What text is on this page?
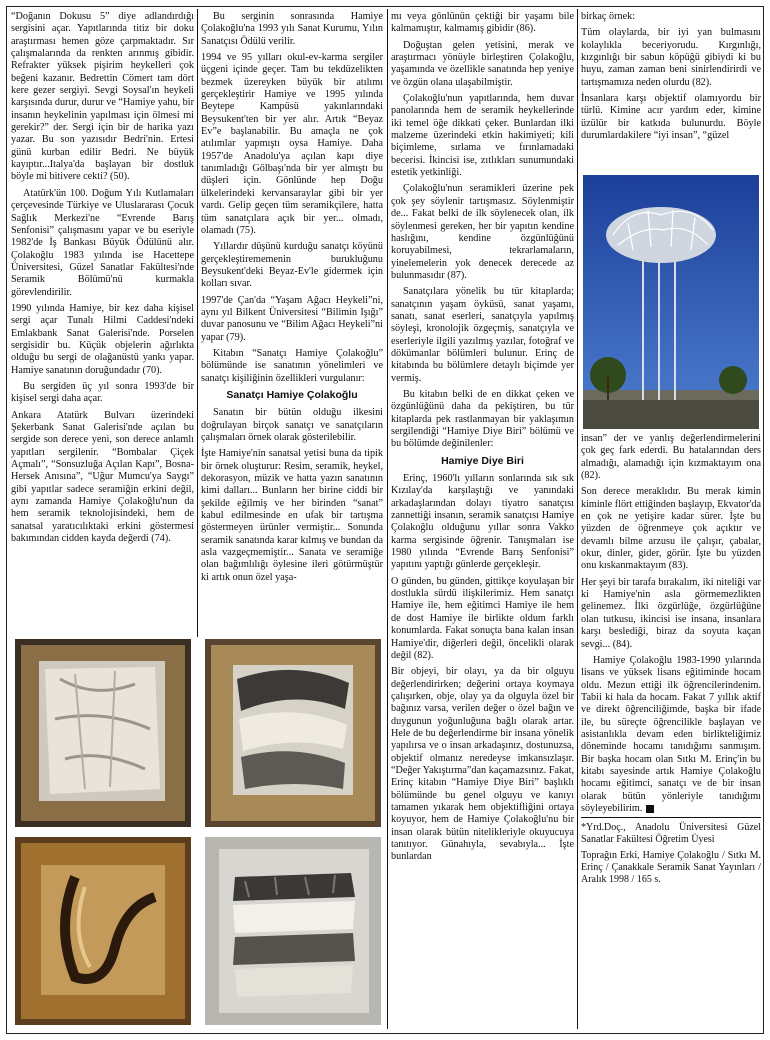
“Doğanın Dokusu 5” diye adlandırdığı sergisini açar. Yapıtlarında titiz bir doku araştırması hemen göze çarpmaktadır. Sır çalışmalarında da renkten arınmış gibidir. Refrakter yüksek pişirim heykelleri çok beğeni kazanır. Bedrettin Cömert tam dört kere gezer sergiyi. Sevgi Soysal'ın heykeli karşısında durur, durur ve “Hamiye yahu, bir insanın heykelinin yapılması için ölmesi mi gerekir?” der. Sergi için bir de harika yazı yazar. Bu son yazısıdır Bedri'nin. Ertesi günü kurban edilir Bedri. Ne büyük kayıptır...Italya'da başlayan bir dostluk böyle mi bitivere cekti? (50).

Atatürk'ün 100. Doğum Yılı Kutlamaları çerçevesinde Türkiye ve Uluslararası Çocuk Sağlık Merkezi'ne “Evrende Barış Senfonisi” çalışmasını yapar ve bu eseriyle 1982'de İş Bankası Büyük Ödülünü alır. Çolakoğlu 1983 yılında ise Hacettepe Üniversitesi, Güzel Sanatlar Fakültesi'nde Seramik Bölümü'nü kurmakla görevlendirilir.

1990 yılında Hamiye, bir kez daha kişisel sergi açar Tunalı Hilmi Caddesi'ndeki Emlakbank Sanat Galerisi'nde. Porselen sergisidir bu. Küçük objelerin ağırlıkta olduğu bu sergi de olağanüstü yankı yapar. Hamiye sanatının doruğundadır (70).

Bu sergiden üç yıl sonra 1993'de bir kişisel sergi daha açar.

Ankara Atatürk Bulvarı üzerindeki Şekerbank Sanat Galerisi'nde açılan bu sergide son derece yeni, son derece anlamlı yapıtları sergilenir. “Bombalar Çiçek Açmalı”, “Sonsuzluğa Açılan Kapı”, Bosna-Hersek Anısına”, “Uğur Mumcu'ya Saygı” gibi yapıtlar sadece seramiğin erkini değil, aynı zamanda Hamiye Çolakoğlu'nun da hem seramik teknolojisindeki, hem de sanatsal yaratıcılıktaki erkini göstermesi bakımından cidden kayda değerdi (74).

Bu serginin sonrasında Hamiye Çolakoğlu'na 1993 yılı Sanat Kurumu, Yılın Sanatçısı Ödülü verilir.

1994 ve 95 yılları okul-ev-karma sergiler üçgeni içinde geçer. Tam bu tekdüzelikten bezmek üzereyken büyük bir atılımı gerçekleştirir Hamiye ve 1995 yılında Beytepe Kampüsü yakınlarındaki Beysukent'ten bir yer alır. Artık “Beyaz Ev”e başlanabilir. Bu amaçla ne çok atılımlar yapmıştı oysa Hamiye. Daha 1957'de Anadolu'ya açılan kapı diye tanımladığı Gölbaşı'nda bir yer almıştı bu düşleri için. Gönlünde hep Doğu ülkelerindeki kervansaraylar gibi bir yer vardı. Gelip geçen tüm seramikçilere, hatta tüm sanatçılara açık bir yer... olmadı, olamadı (75).

Yıllardır düşünü kurduğu sanatçı köyünü gerçekleştirememenin burukluğunu Beysukent'deki Beyaz-Ev'le gidermek için kolları sıvar.

1997'de Çan'da “Yaşam Ağacı Heykeli”ni, aynı yıl Bilkent Üniversitesi “Bilimin Işığı” duvar panosunu ve “Bilim Ağacı Heykeli”ni yapar (79).

Kitabın “Sanatçı Hamiye Çolakoğlu” bölümünde ise sanatının yönelimleri ve sanatçı kişiliğinin özellikleri vurgulanır:

Sanatçı Hamiye Çolakoğlu

Sanatın bir bütün olduğu ilkesini doğrulayan birçok sanatçı ve sanatçıların çalışmaları örnek olarak gösterilebilir.

İşte Hamiye'nin sanatsal yetisi buna da tipik bir örnek oluşturur: Resim, seramik, heykel, dekorasyon, müzik ve hatta yazın sanatının kimi dalları... Bunların her birine ciddi bir şekilde eğilmiş ve her birinden “sanat” kabul edilmesinde en ufak bir tartışma göstermeyen ürünler vermiştir... Sonunda seramik sanatında karar kılmış ve bundan da asla vazgeçmemiştir... Sanata ve seramiğe olan bağımlılığı öylesine ileri götürmüştür ki artık onun özel yaşa-

mı veya gönlünün çektiği bir yaşamı bile kalmamıştır, kalmamış gibidir (86).

Doğuştan gelen yetisini, merak ve araştırmacı yönüyle birleştiren Çolakoğlu, yaşamında ve özellikle sanatında hep yeniye ve özgün olana ulaşabilmiştir.

Çolakoğlu'nun yapıtlarında, hem duvar panolarında hem de seramik heykellerinde iki temel öğe dikkati çeker. Bunlardan ilki malzeme üzerindeki etkin hakimiyeti; kili biçimleme, sırlama ve fırınlamadaki becerisi. İkincisi ise, zıtlıkları sunumundaki estetik yetkinliği.

Çolakoğlu'nun seramikleri üzerine pek çok şey söylenir tartışmasız. Söylenmiştir de... Fakat belki de ilk söylenecek olan, ilk söylenmesi gereken, her bir yapıtın kendine haslığını, kendine özgünlüğünü koruyabilmesi, tekrarlamaların, yinelemelerin yok denecek derecede az bulunmasıdır (87).

Sanatçılara yönelik bu tür kitaplarda; sanatçının yaşam öyküsü, sanat yaşamı, sanatı, sanat eserleri, sanatçıyla yapılmış söyleşi, kronolojik özgeçmiş, sanatçıyla ve eserleriyle ilgili yazılmış yazılar, fotoğraf ve dökümanlar bölümleri bulunur. Erinç de kitabında bu bölümlere detaylı biçimde yer vermiş.

Bu kitabın belki de en dikkat çeken ve özgünlüğünü daha da pekiştiren, bu tür kitaplarda pek rastlanmayan bir yaklaşımın sergilendiği “Hamiye Diye Biri” bölümü ve bu bölümde değinilenler:

Hamiye Diye Biri

Erinç, 1960'lı yılların sonlarında sık sık Kızılay'da karşılaştığı ve yanındaki arkadaşlarından dolayı tiyatro sanatçısı zannettiği insanın, seramik sanatçısı Hamiye Çolakoğlu olduğunu yıllar sonra Vakko karma sergisinde öğrenir. Tanışmaları ise 1980 yılında “Evrende Barış Senfonisi” yapıtını yaptığı günlerde gerçekleşir.

O günden, bu günden, gittikçe koyulaşan bir dostlukla sürdü ilişkilerimiz. Hem sanatçı Hamiye ile, hem eğitimci Hamiye ile hem de dost Hamiye ile birlikte oldum farklı konumlarda. Fakat sonuçta bana kalan insan Hamiye'dir, diğerleri değil, öncelikli olarak değil (82).

Bir objeyi, bir olayı, ya da bir olguyu değerlendirirken; değerini ortaya koymaya çalışırken, obje, olay ya da olguyla özel bir bağınız varsa, verilen değer o özel bağın ve duygunun yoğunluğuna bağlı olarak artar. Hele de bu değerlendirme bir insana yönelik yapılırsa ve o insan arkadaşınız, dostunuzsa, objektif olmanız neredeyse imkansızlaşır. “Değer Yakıştırma”dan kaçamazsınız. Fakat, Erinç kitabın “Hamiye Diye Biri” başlıklı bölümünde bu genel olguyu ve kanıyı tamamen yıkarak hem objektifliğini ortaya koyuyor, hem de Hamiye Çolakoğlu'nu bir insan olarak bütün nitelikleriyle okuyucuya tanıtıyor. Günahıyla, sevabıyla... İşte bunlardan

birkaç örnek:

Tüm olaylarda, bir iyi yan bulmasını kolaylıkla beceriyorudu. Kırgınlığı, kızgınlığı bir sabun köpüğü gibiydi ki bu huyu, zaman zaman beni sinirlendirirdi ve tartışmamıza neden olurdu (82).

İnsanlara karşı objektif olamıyordu bir türlü. Kimine acır yardım eder, kimine üzülür bir katkıda bulunurdu. Böyle durumlardakilere “iyi insan”, “güzel

insan” der ve yanlış değerlendirmelerini çok geç fark ederdi. Bu hatalarından ders almadığı, alamadığı için kızmaktayım ona (82).

Son derece meraklıdır. Bu merak kimin kiminle flört ettiğinden başlayıp, Ekvator'da en çok ne yetişire kadar sürer. İşte bu yüzden de öğrenmeye çok açıktır ve devamlı bilme arzusu ile çalışır, çabalar, okur, dinler, gider, görür. İşte bu yüzden onu kıskanmaktayım (83).

Her şeyi bir tarafa bırakalım, iki niteliği var ki Hamiye'nin asla görmemezlikten gelinemez. İlki özgürlüğe, özgürlüğüne olan tutkusu, ikincisi ise insana, insanlara karşı beslediği, biraz da soyuta kaçan sevgi... (84).

Hamiye Çolakoğlu 1983-1990 yılarında lisans ve yüksek lisans eğitiminde hocam oldu. Mezun ettiği ilk öğrencilerindenim. Tabii ki hala da hocam. Fakat 7 yıllık aktif ve direkt öğrenciliğimde, başka bir ifade ile, bu süreçte öğrencilikle başlayan ve asistanlıkla devam eden birlikteliğimiz döneminde hocamı tanıdığımı sanmışım. Bir başka hocam olan Sıtkı M. Erinç'in bu kitabı sayesinde artık Hamiye Çolakoğlu hocamı eğitimci, sanatçı ve de bir insan olarak bütün yönleriyle tanıdığımı söyleyebilirim.

*Yrd.Doç., Anadolu Üniversitesi Güzel Sanatlar Fakültesi Öğretim Üyesi

Toprağın Erki, Hamiye Çolakoğlu / Sıtkı M. Erinç / Çanakkale Seramik Sanat Yayınları / Aralık 1998 / 165 s.
